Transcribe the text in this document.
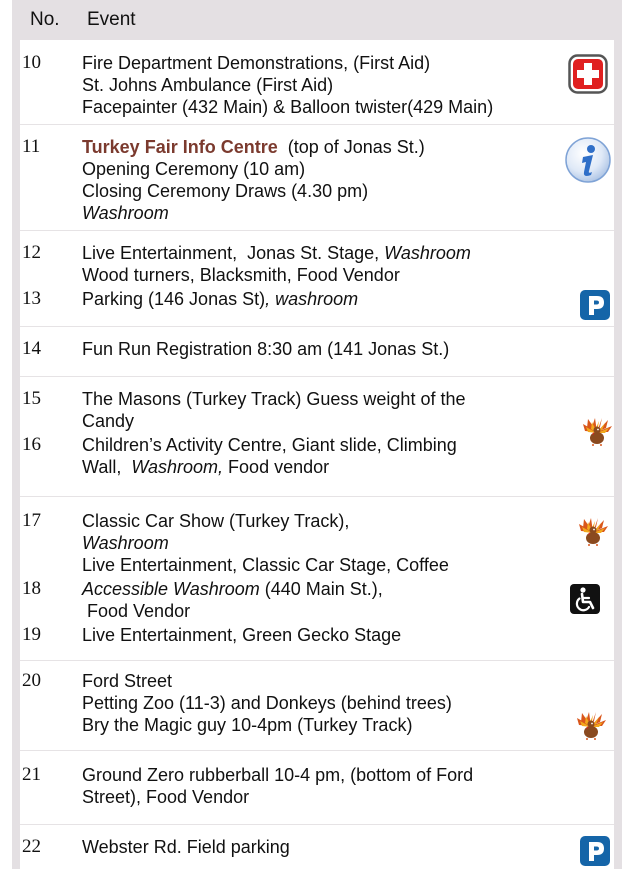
No. Event
10 Fire Department Demonstrations, (First Aid)
St. Johns Ambulance (First Aid)
Facepainter (432 Main) & Balloon twister(429 Main)
11 Turkey Fair Info Centre  (top of Jonas St.)
Opening Ceremony (10 am)
Closing Ceremony Draws (4.30 pm)
Washroom
12 Live Entertainment,  Jonas St. Stage, Washroom
Wood turners, Blacksmith, Food Vendor
13 Parking (146 Jonas St), washroom
14 Fun Run Registration 8:30 am (141 Jonas St.)
15 The Masons (Turkey Track) Guess weight of the
Candy
16 Children’s Activity Centre, Giant slide, Climbing
Wall,  Washroom, Food vendor
17 Classic Car Show (Turkey Track),
Washroom
Live Entertainment, Classic Car Stage, Coffee
18 Accessible Washroom (440 Main St.),
Food Vendor
19 Live Entertainment, Green Gecko Stage
20 Ford Street
Petting Zoo (11-3) and Donkeys (behind trees)
Bry the Magic guy 10-4pm (Turkey Track)
21 Ground Zero rubberball 10-4 pm, (bottom of Ford
Street), Food Vendor
22 Webster Rd. Field parking
